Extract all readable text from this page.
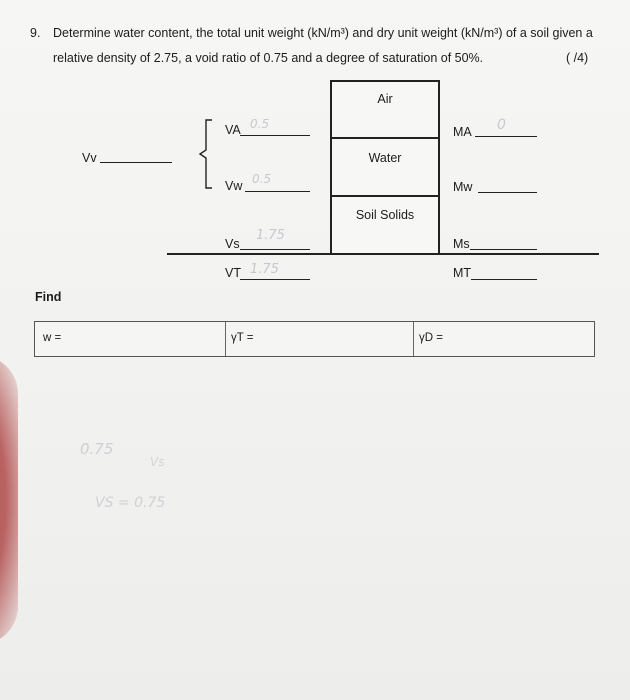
9. Determine water content, the total unit weight (kN/m³) and dry unit weight (kN/m³) of a soil given a
relative density of 2.75, a void ratio of 0.75 and a degree of saturation of 50%.	( /4)
Air
Water
Soil Solids
Vv
VA 0.5
Vw 0.5
Vs
1.75
VT 1.75
MA 0
Mw
Ms
MT
Find
w =	γT =	γD =
0.75
Vs
VS = 0.75
